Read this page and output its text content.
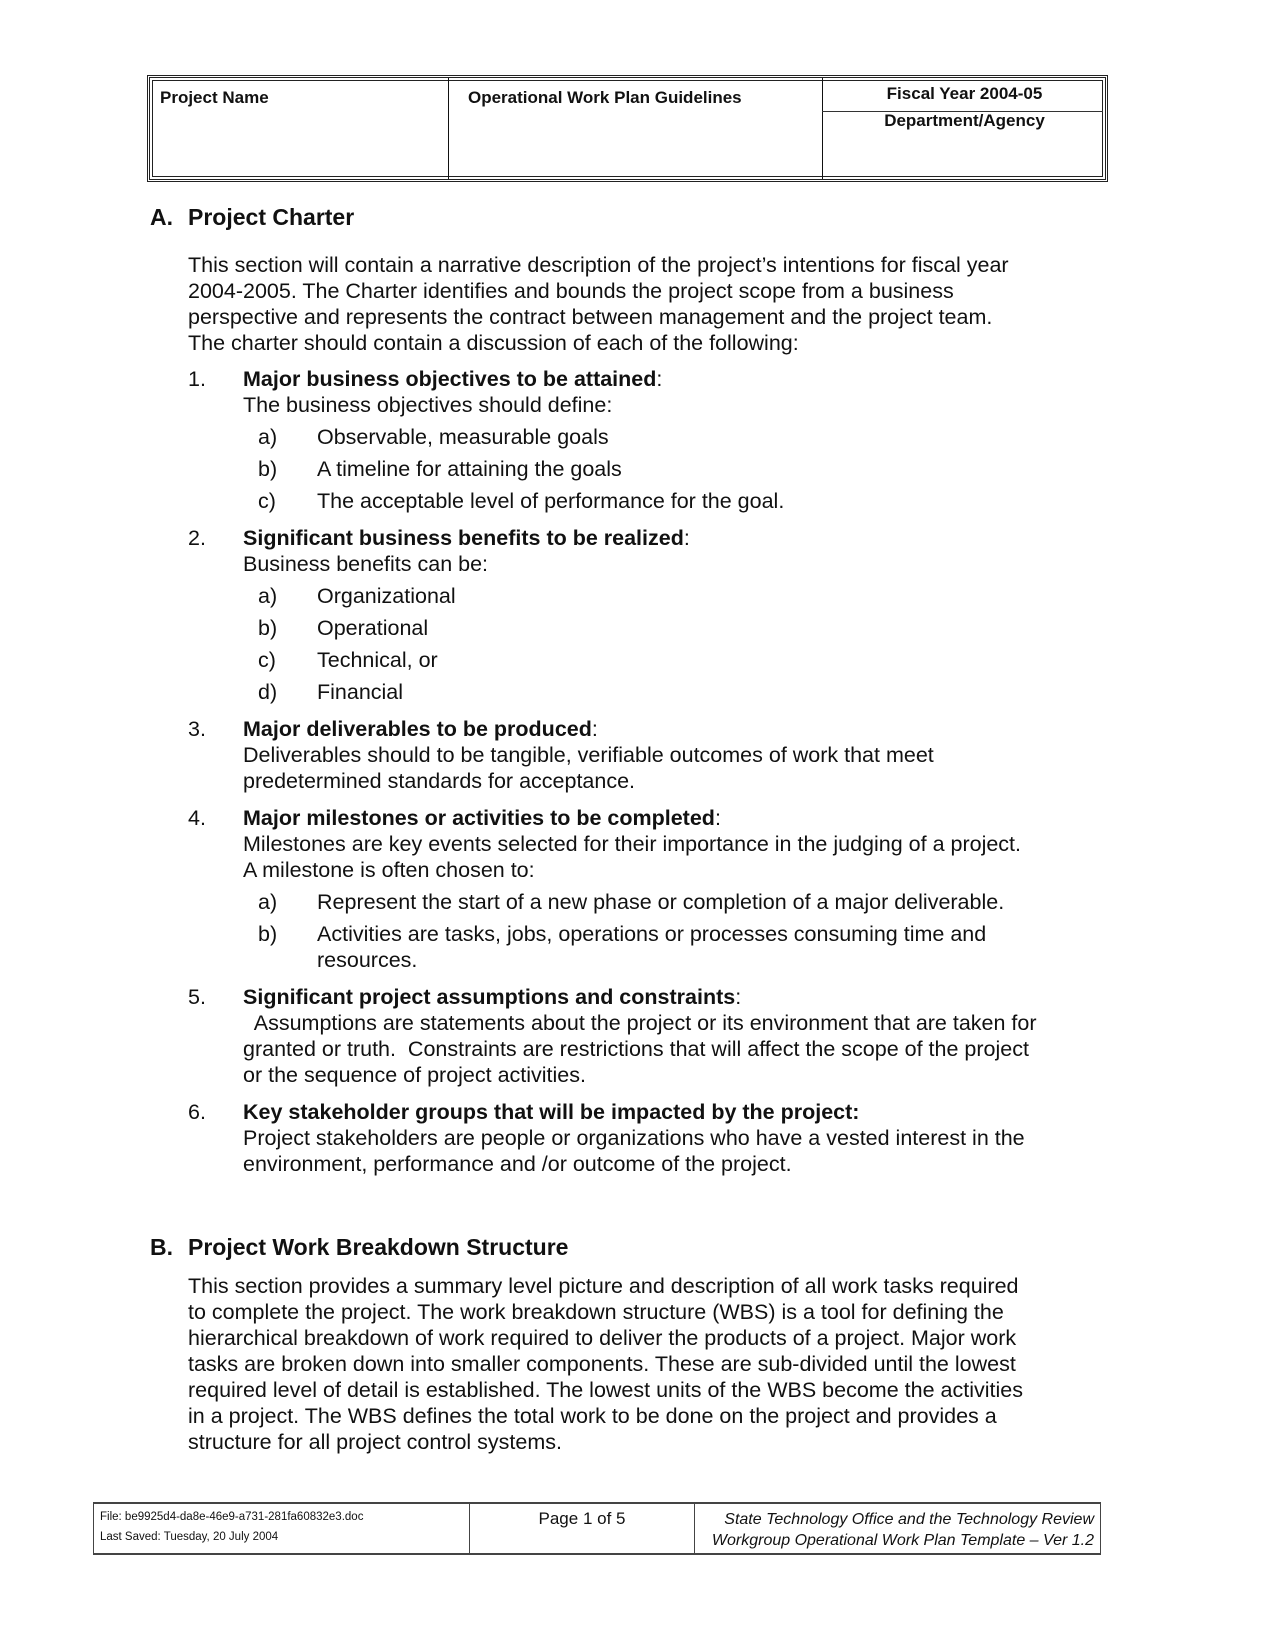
Project Name	Operational Work Plan Guidelines	Fiscal Year 2004-05
Department/Agency
A. Project Charter
This section will contain a narrative description of the project’s intentions for fiscal year
2004-2005. The Charter identifies and bounds the project scope from a business
perspective and represents the contract between management and the project team.
The charter should contain a discussion of each of the following:
1. Major business objectives to be attained:
The business objectives should define:
a) Observable, measurable goals
b) A timeline for attaining the goals
c) The acceptable level of performance for the goal.
2. Significant business benefits to be realized:
Business benefits can be:
a) Organizational
b) Operational
c) Technical, or
d) Financial
3. Major deliverables to be produced:
Deliverables should to be tangible, verifiable outcomes of work that meet
predetermined standards for acceptance.
4. Major milestones or activities to be completed:
Milestones are key events selected for their importance in the judging of a project.
A milestone is often chosen to:
a) Represent the start of a new phase or completion of a major deliverable.
b) Activities are tasks, jobs, operations or processes consuming time and
resources.
5. Significant project assumptions and constraints:
Assumptions are statements about the project or its environment that are taken for
granted or truth.  Constraints are restrictions that will affect the scope of the project
or the sequence of project activities.
6. Key stakeholder groups that will be impacted by the project:
Project stakeholders are people or organizations who have a vested interest in the
environment, performance and /or outcome of the project.
B. Project Work Breakdown Structure
This section provides a summary level picture and description of all work tasks required
to complete the project. The work breakdown structure (WBS) is a tool for defining the
hierarchical breakdown of work required to deliver the products of a project. Major work
tasks are broken down into smaller components. These are sub-divided until the lowest
required level of detail is established. The lowest units of the WBS become the activities
in a project. The WBS defines the total work to be done on the project and provides a
structure for all project control systems.
File: be9925d4-da8e-46e9-a731-281fa60832e3.doc
Last Saved: Tuesday, 20 July 2004
Page 1 of 5	State Technology Office and the Technology Review
Workgroup Operational Work Plan Template – Ver 1.2
